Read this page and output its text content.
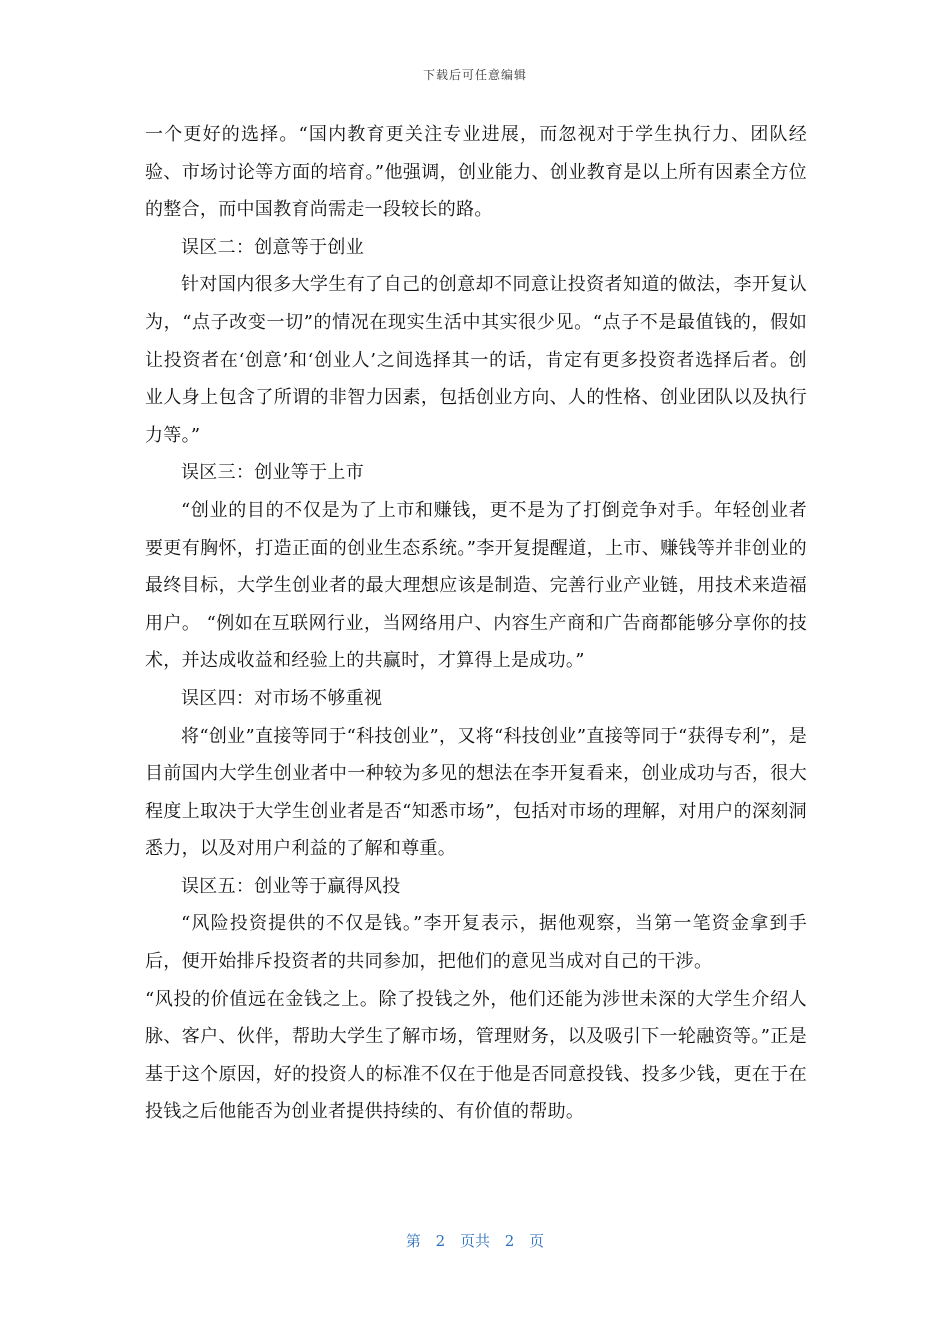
下载后可任意编辑

一个更好的选择。“国内教育更关注专业进展，而忽视对于学生执行力、团队经验、市场讨论等方面的培育。”他强调，创业能力、创业教育是以上所有因素全方位的整合，而中国教育尚需走一段较长的路。

误区二：创意等于创业

针对国内很多大学生有了自己的创意却不同意让投资者知道的做法，李开复认为，“点子改变一切”的情况在现实生活中其实很少见。“点子不是最值钱的，假如让投资者在‘创意’和‘创业人’之间选择其一的话，肯定有更多投资者选择后者。创业人身上包含了所谓的非智力因素，包括创业方向、人的性格、创业团队以及执行力等。”

误区三：创业等于上市

“创业的目的不仅是为了上市和赚钱，更不是为了打倒竞争对手。年轻创业者要更有胸怀，打造正面的创业生态系统。”李开复提醒道，上市、赚钱等并非创业的最终目标，大学生创业者的最大理想应该是制造、完善行业产业链，用技术来造福用户。 “例如在互联网行业，当网络用户、内容生产商和广告商都能够分享你的技术，并达成收益和经验上的共赢时，才算得上是成功。”

误区四：对市场不够重视

将“创业”直接等同于“科技创业”，又将“科技创业”直接等同于“获得专利”，是目前国内大学生创业者中一种较为多见的想法在李开复看来，创业成功与否，很大程度上取决于大学生创业者是否“知悉市场”，包括对市场的理解，对用户的深刻洞悉力，以及对用户利益的了解和尊重。

误区五：创业等于赢得风投

“风险投资提供的不仅是钱。”李开复表示，据他观察，当第一笔资金拿到手后，便开始排斥投资者的共同参加，把他们的意见当成对自己的干涉。

“风投的价值远在金钱之上。除了投钱之外，他们还能为涉世未深的大学生介绍人脉、客户、伙伴，帮助大学生了解市场，管理财务，以及吸引下一轮融资等。”正是基于这个原因，好的投资人的标准不仅在于他是否同意投钱、投多少钱，更在于在投钱之后他能否为创业者提供持续的、有价值的帮助。

第 2 页共 2 页
